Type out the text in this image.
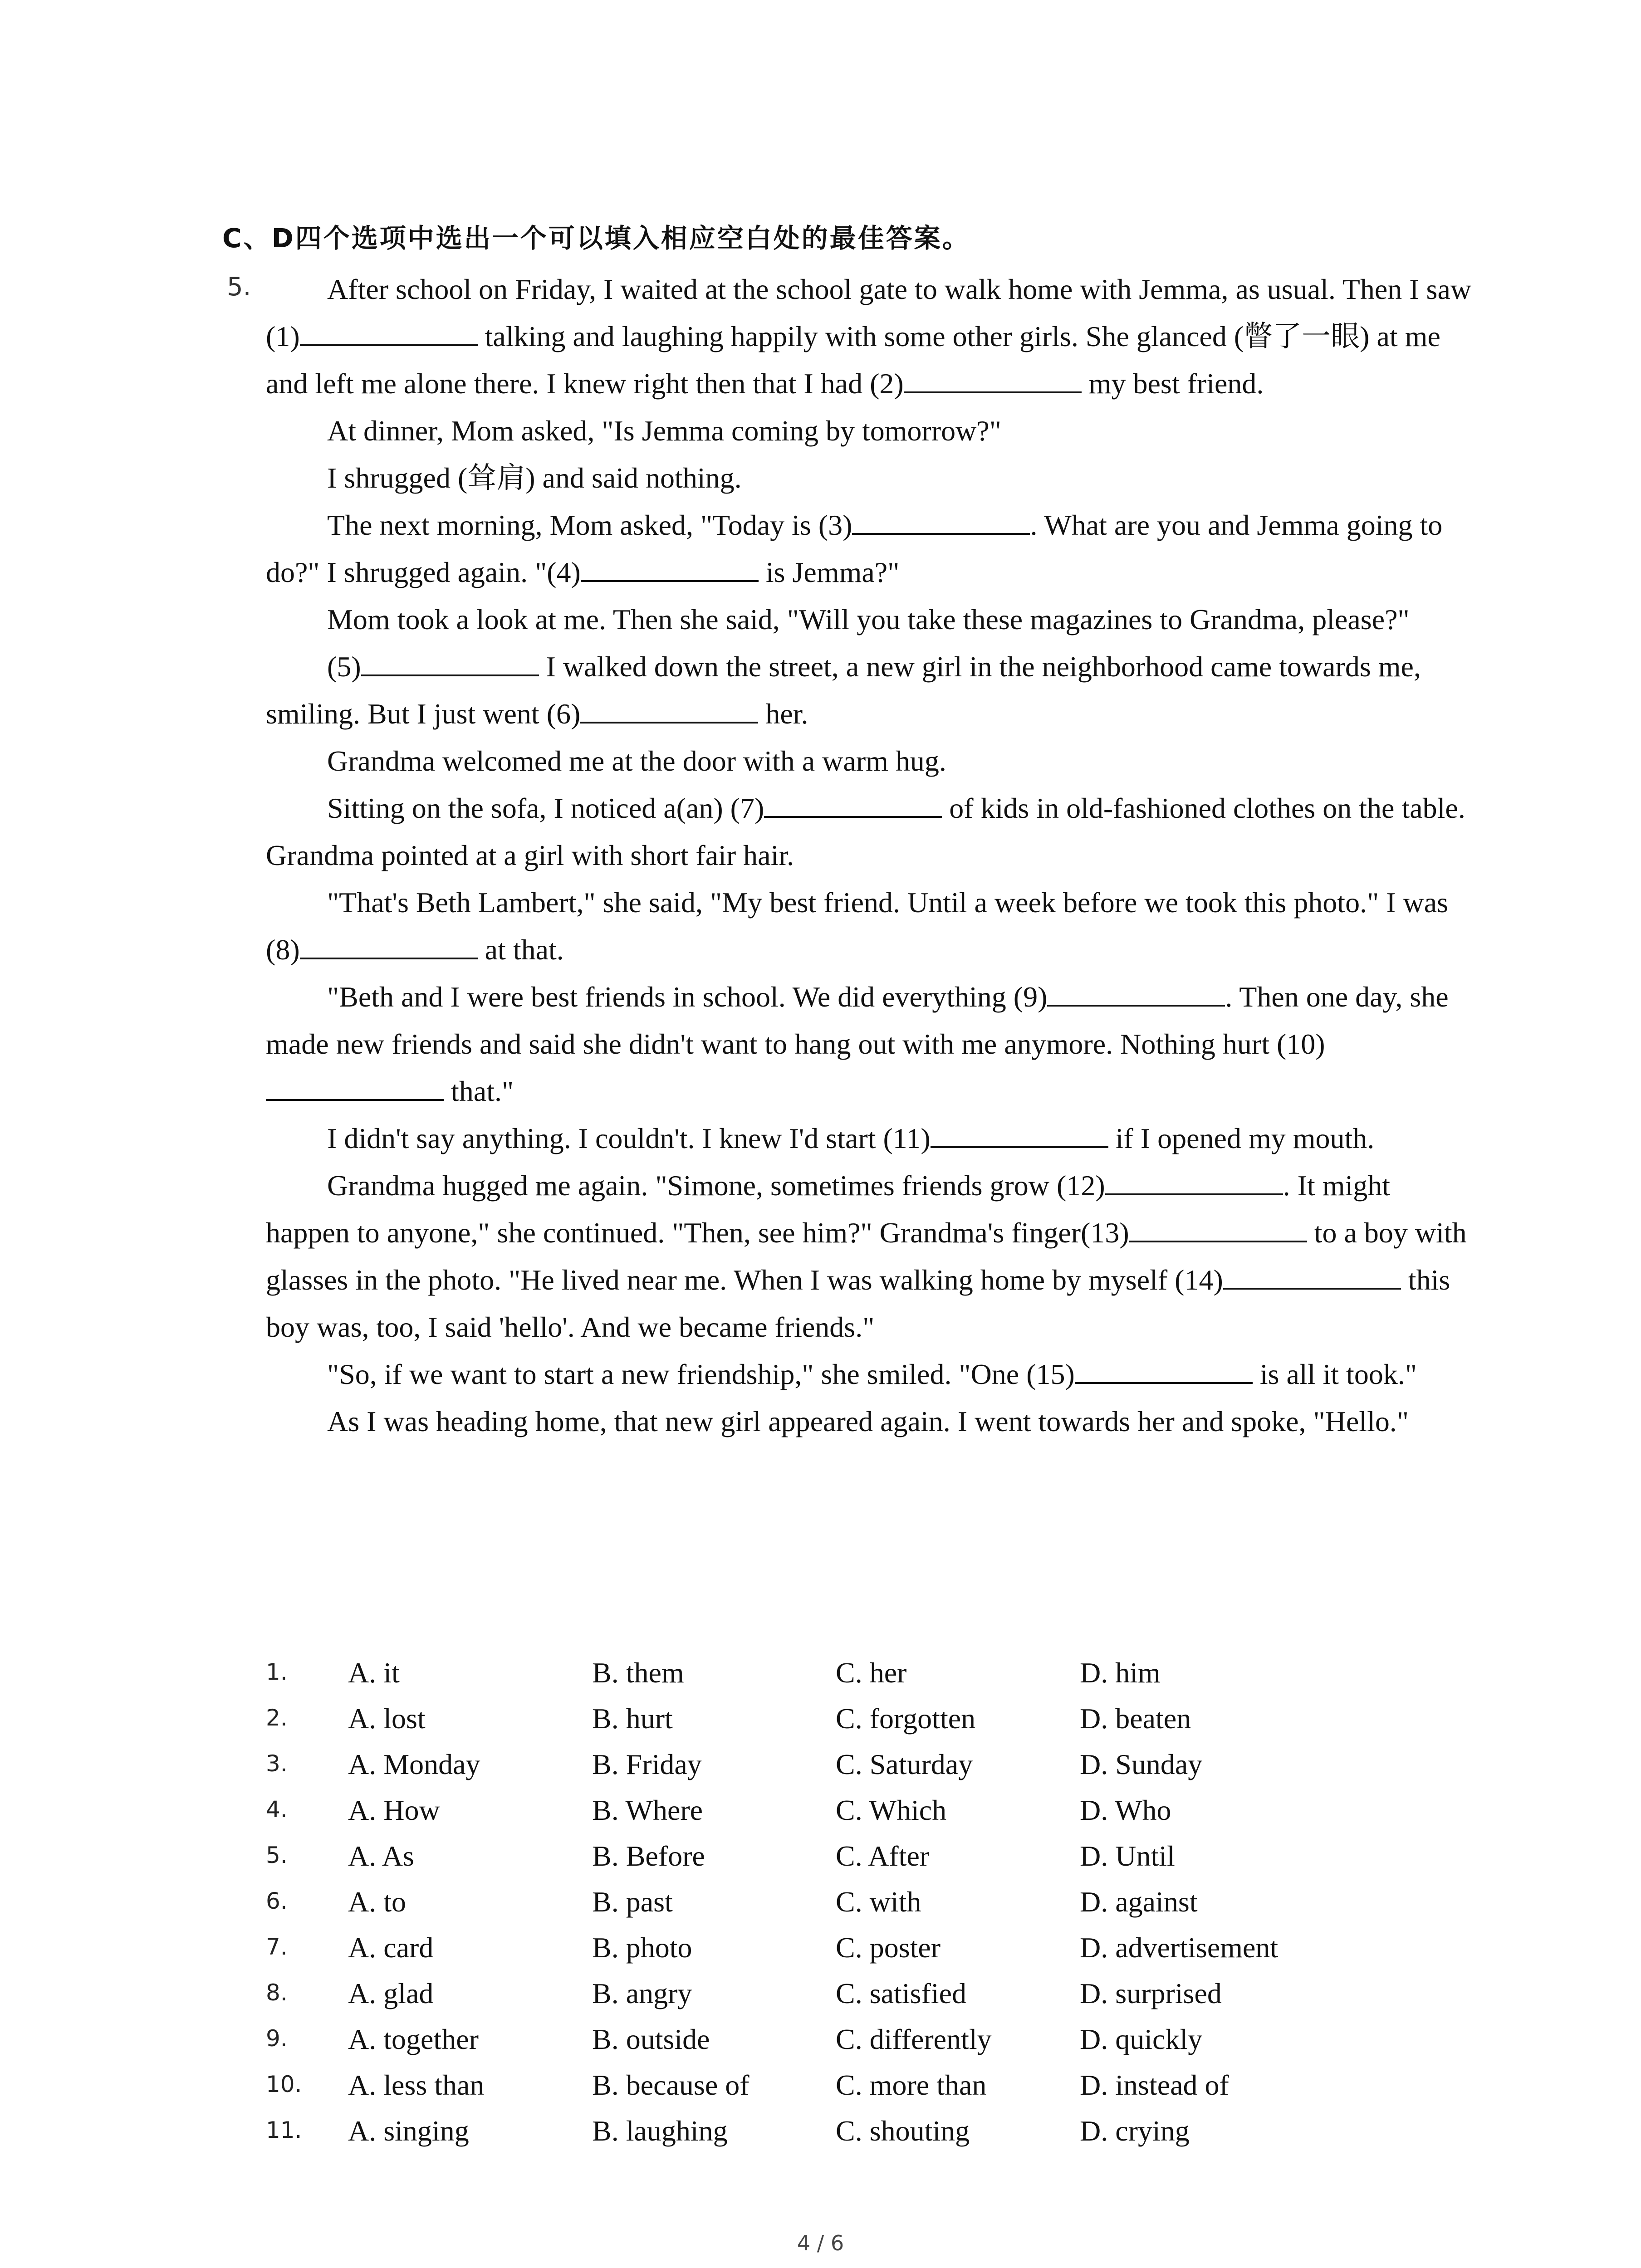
C、D四个选项中选出一个可以填入相应空白处的最佳答案。
5.	After school on Friday, I waited at the school gate to walk home with Jemma, as usual. Then I saw (1)	talking and laughing happily with some other girls. She glanced (瞥了一眼) at me and left me alone there. I knew right then that I had (2)	my best friend.

At dinner, Mom asked, "Is Jemma coming by tomorrow?"

I shrugged (耸肩) and said nothing.

The next morning, Mom asked, "Today is (3)	. What are you and Jemma going to do?" I shrugged again. "(4)	is Jemma?"

Mom took a look at me. Then she said, "Will you take these magazines to Grandma, please?"

(5)	I walked down the street, a new girl in the neighborhood came towards me, smiling. But I just went (6)	her.

Grandma welcomed me at the door with a warm hug.

Sitting on the sofa, I noticed a(an) (7)	of kids in old-fashioned clothes on the table. Grandma pointed at a girl with short fair hair.

"That's Beth Lambert," she said, "My best friend. Until a week before we took this photo." I was (8)	at that.

"Beth and I were best friends in school. We did everything (9)	. Then one day, she made new friends and said she didn't want to hang out with me anymore. Nothing hurt (10) that."

I didn't say anything. I couldn't. I knew I'd start (11)	if I opened my mouth.

Grandma hugged me again. "Simone, sometimes friends grow (12)	. It might happen to anyone," she continued. "Then, see him?" Grandma's finger(13)	to a boy with glasses in the photo. "He lived near me. When I was walking home by myself (14)	this boy was, too, I said 'hello'. And we became friends."

"So, if we want to start a new friendship," she smiled. "One (15)	is all it took."

As I was heading home, that new girl appeared again. I went towards her and spoke, "Hello."

1. A. it	B. them	C. her	D. him
2. A. lost	B. hurt	C. forgotten	D. beaten
3. A. Monday	B. Friday	C. Saturday	D. Sunday
4. A. How	B. Where	C. Which	D. Who
5. A. As	B. Before	C. After	D. Until
6. A. to	B. past	C. with	D. against
7. A. card	B. photo	C. poster	D. advertisement
8. A. glad	B. angry	C. satisfied	D. surprised
9. A. together	B. outside	C. differently	D. quickly
10. A. less than	B. because of	C. more than	D. instead of
11. A. singing	B. laughing	C. shouting	D. crying
4 / 6
